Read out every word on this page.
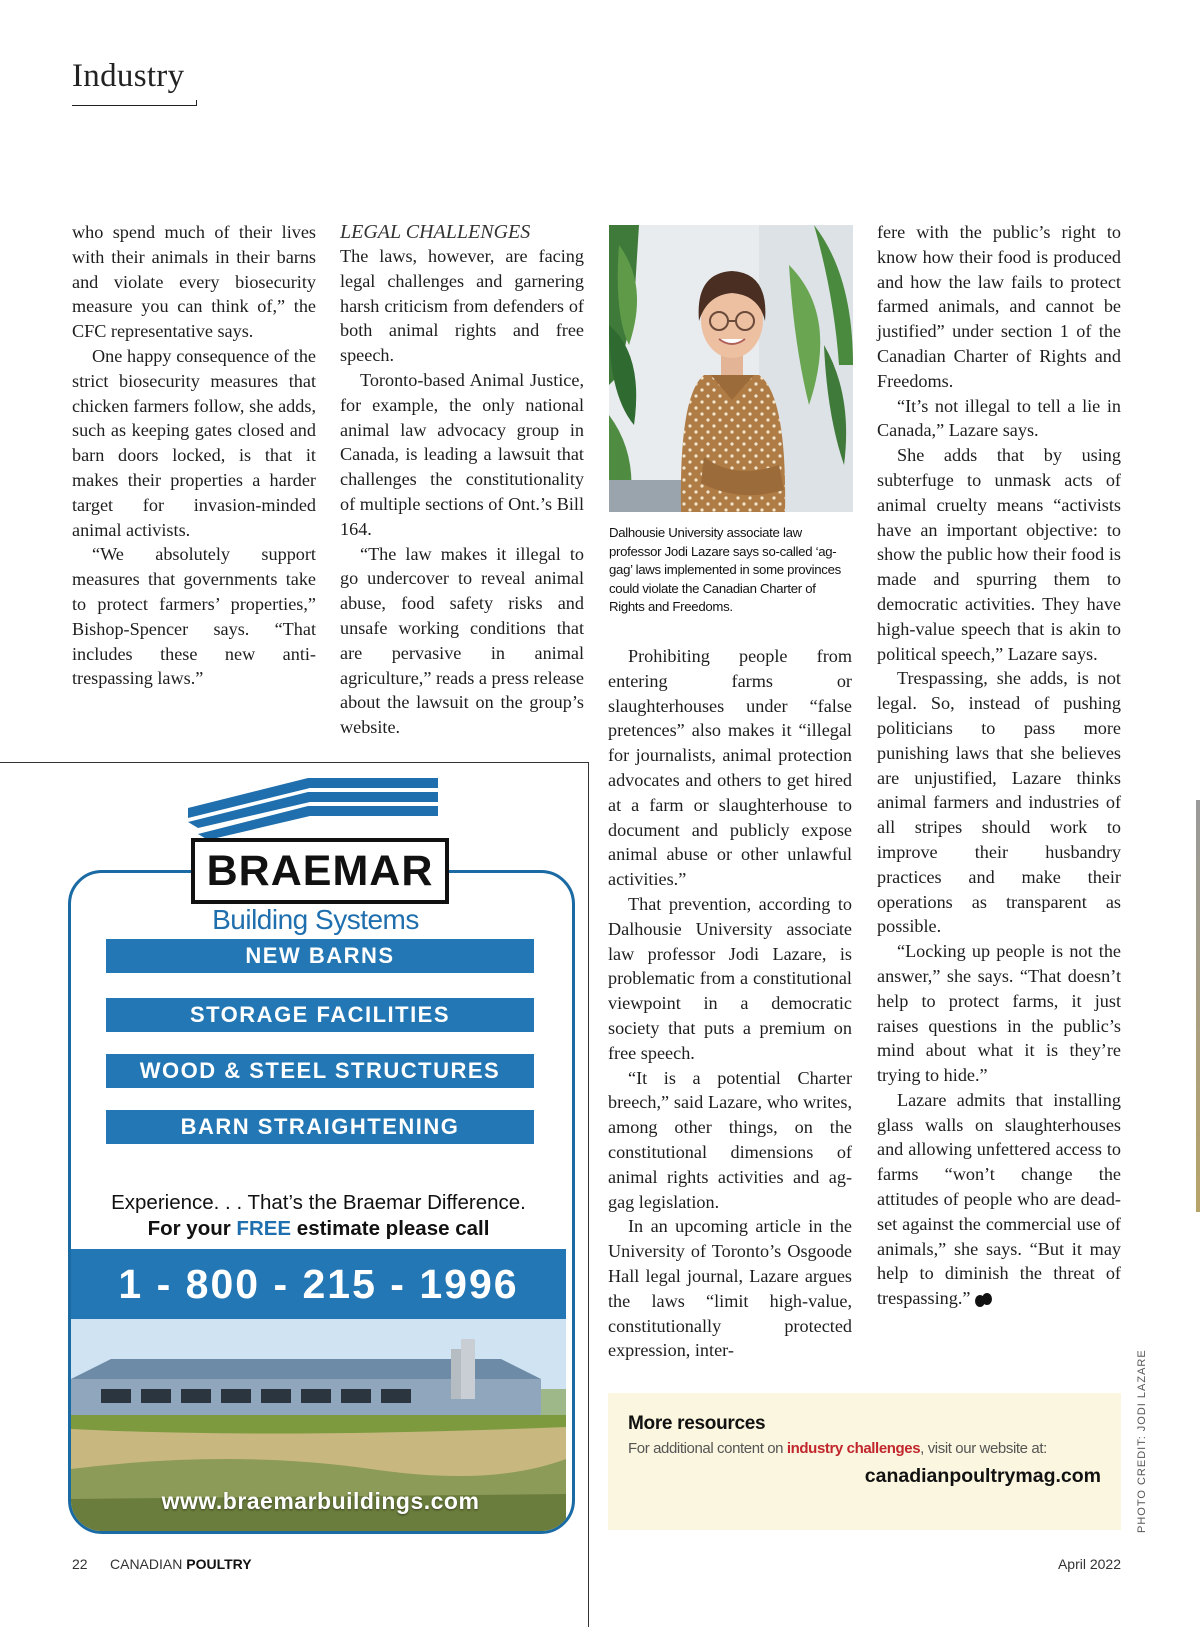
Industry

who spend much of their lives with their animals in their barns and violate every biosecurity measure you can think of,” the CFC representative says.

One happy consequence of the strict biosecurity measures that chicken farmers follow, she adds, such as keeping gates closed and barn doors locked, is that it makes their properties a harder target for invasion-minded animal activists.

“We absolutely support measures that governments take to protect farmers’ properties,” Bishop-Spencer says. “That includes these new anti-trespassing laws.”

LEGAL CHALLENGES

The laws, however, are facing legal challenges and garnering harsh criticism from defenders of both animal rights and free speech.

Toronto-based Animal Justice, for example, the only national animal law advocacy group in Canada, is leading a lawsuit that challenges the constitutionality of multiple sections of Ont.’s Bill 164.

“The law makes it illegal to go undercover to reveal animal abuse, food safety risks and unsafe working conditions that are pervasive in animal agriculture,” reads a press release about the lawsuit on the group’s website.

Dalhousie University associate law professor Jodi Lazare says so-called ‘ag-gag’ laws implemented in some provinces could violate the Canadian Charter of Rights and Freedoms.

Prohibiting people from entering farms or slaughterhouses under “false pretences” also makes it “illegal for journalists, animal protection advocates and others to get hired at a farm or slaughterhouse to document and publicly expose animal abuse or other unlawful activities.”

That prevention, according to Dalhousie University associate law professor Jodi Lazare, is problematic from a constitutional viewpoint in a democratic society that puts a premium on free speech.

“It is a potential Charter breech,” said Lazare, who writes, among other things, on the constitutional dimensions of animal rights activities and ag-gag legislation.

In an upcoming article in the University of Toronto’s Osgoode Hall legal journal, Lazare argues the laws “limit high-value, constitutionally protected expression, inter-

fere with the public’s right to know how their food is produced and how the law fails to protect farmed animals, and cannot be justified” under section 1 of the Canadian Charter of Rights and Freedoms.

“It’s not illegal to tell a lie in Canada,” Lazare says.

She adds that by using subterfuge to unmask acts of animal cruelty means “activists have an important objective: to show the public how their food is made and spurring them to democratic activities. They have high-value speech that is akin to political speech,” Lazare says.

Trespassing, she adds, is not legal. So, instead of pushing politicians to pass more punishing laws that she believes are unjustified, Lazare thinks animal farmers and industries of all stripes should work to improve their husbandry practices and make their operations as transparent as possible.

“Locking up people is not the answer,” she says. “That doesn’t help to protect farms, it just raises questions in the public’s mind about what it is they’re trying to hide.”

Lazare admits that installing glass walls on slaughterhouses and allowing unfettered access to farms “won’t change the attitudes of people who are dead-set against the commercial use of animals,” she says. “But it may help to diminish the threat of trespassing.”

NEW BARNS
STORAGE FACILITIES
WOOD & STEEL STRUCTURES
BARN STRAIGHTENING
Experience. . . That’s the Braemar Difference.
For your FREE estimate please call
1 - 800 - 215 - 1996
BRAEMAR
Building Systems
www.braemarbuildings.com
More resources
For additional content on industry challenges, visit our website at:
canadianpoultrymag.com	PHOTO CREDIT: JODI LAZARE
22 CANADIAN POULTRY	April 2022
